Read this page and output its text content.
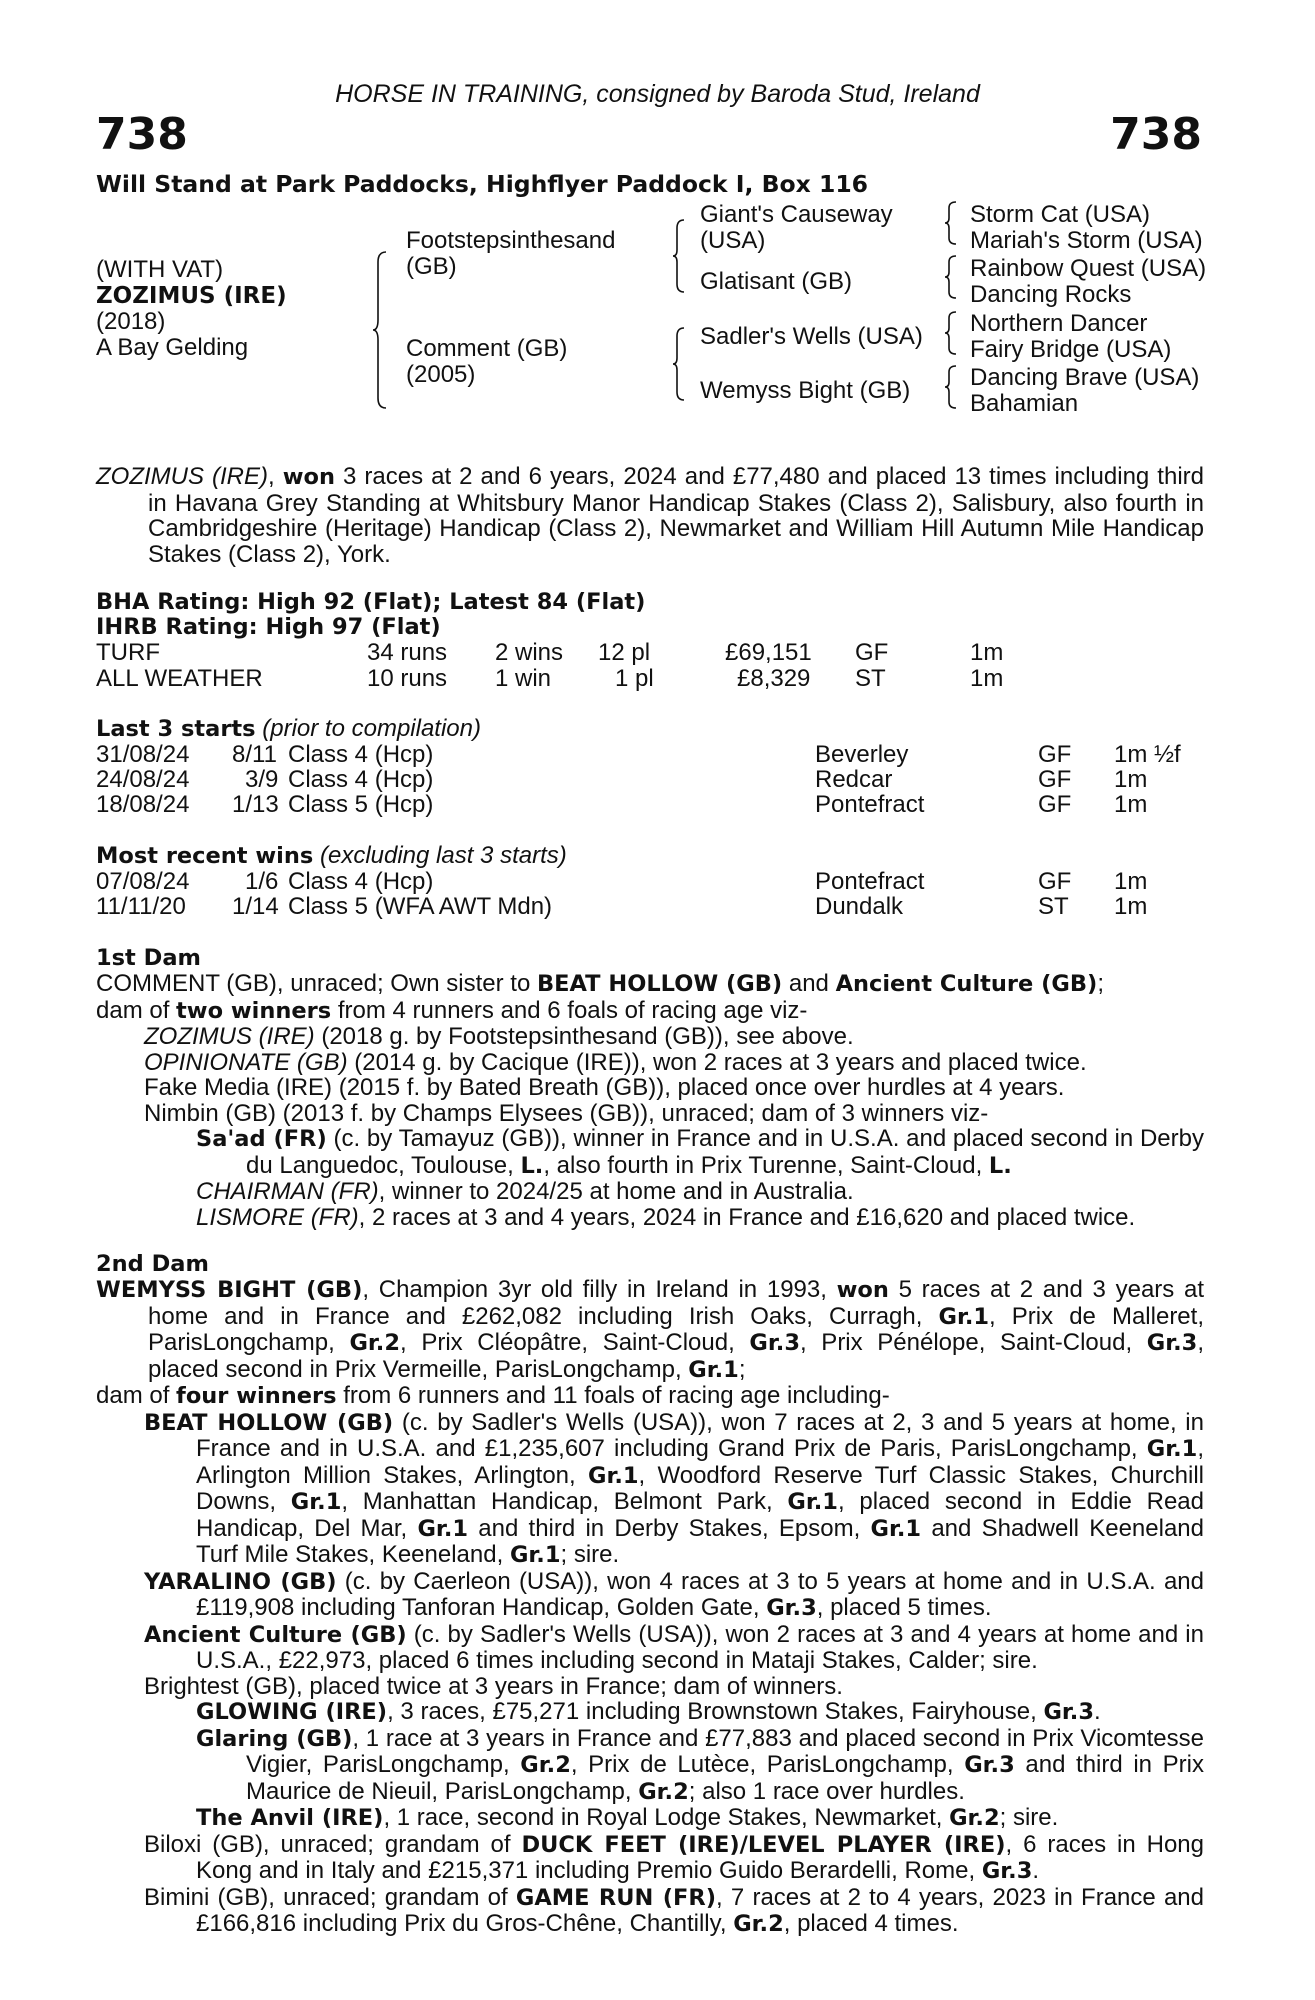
HORSE IN TRAINING, consigned by Baroda Stud, Ireland
738	738
Will Stand at Park Paddocks, Highflyer Paddock I, Box 116
(WITH VAT)
ZOZIMUS (IRE)
(2018)
A Bay Gelding
Footstepsinthesand
(GB)
Comment (GB)
(2005)
Giant's Causeway
(USA)
Glatisant (GB)
Sadler's Wells (USA)
Wemyss Bight (GB)
Storm Cat (USA)
Mariah's Storm (USA)
Rainbow Quest (USA)
Dancing Rocks
Northern Dancer
Fairy Bridge (USA)
Dancing Brave (USA)
Bahamian

ZOZIMUS (IRE), won 3 races at 2 and 6 years, 2024 and £77,480 and placed 13 times including third in Havana Grey Standing at Whitsbury Manor Handicap Stakes (Class 2), Salisbury, also fourth in Cambridgeshire (Heritage) Handicap (Class 2), Newmarket and William Hill Autumn Mile Handicap Stakes (Class 2), York.

BHA Rating: High 92 (Flat); Latest 84 (Flat)
IHRB Rating: High 97 (Flat)
TURF	34 runs 2 wins 12 pl	£69,151 GF	1m
ALL WEATHER	10 runs 1 win	1 pl	£8,329 ST	1m
Last 3 starts (prior to compilation)
31/08/24 8/11 Class 4 (Hcp)	Beverley	GF 1m ½f
24/08/24 3/9 Class 4 (Hcp)	Redcar	GF 1m
18/08/24 1/13 Class 5 (Hcp)	Pontefract	GF 1m
Most recent wins (excluding last 3 starts)
07/08/24 1/6 Class 4 (Hcp)	Pontefract	GF 1m
11/11/20 1/14 Class 5 (WFA AWT Mdn)	Dundalk	ST 1m
1st Dam

COMMENT (GB), unraced; Own sister to BEAT HOLLOW (GB) and Ancient Culture (GB);

dam of two winners from 4 runners and 6 foals of racing age viz-

ZOZIMUS (IRE) (2018 g. by Footstepsinthesand (GB)), see above.

OPINIONATE (GB) (2014 g. by Cacique (IRE)), won 2 races at 3 years and placed twice.

Fake Media (IRE) (2015 f. by Bated Breath (GB)), placed once over hurdles at 4 years.

Nimbin (GB) (2013 f. by Champs Elysees (GB)), unraced; dam of 3 winners viz-

Sa'ad (FR) (c. by Tamayuz (GB)), winner in France and in U.S.A. and placed second in Derby du Languedoc, Toulouse, L., also fourth in Prix Turenne, Saint-Cloud, L.

CHAIRMAN (FR), winner to 2024/25 at home and in Australia.

LISMORE (FR), 2 races at 3 and 4 years, 2024 in France and £16,620 and placed twice.

2nd Dam

WEMYSS BIGHT (GB), Champion 3yr old filly in Ireland in 1993, won 5 races at 2 and 3 years at home and in France and £262,082 including Irish Oaks, Curragh, Gr.1, Prix de Malleret, ParisLongchamp, Gr.2, Prix Cléopâtre, Saint-Cloud, Gr.3, Prix Pénélope, Saint-Cloud, Gr.3, placed second in Prix Vermeille, ParisLongchamp, Gr.1;

dam of four winners from 6 runners and 11 foals of racing age including-

BEAT HOLLOW (GB) (c. by Sadler's Wells (USA)), won 7 races at 2, 3 and 5 years at home, in France and in U.S.A. and £1,235,607 including Grand Prix de Paris, ParisLongchamp, Gr.1, Arlington Million Stakes, Arlington, Gr.1, Woodford Reserve Turf Classic Stakes, Churchill Downs, Gr.1, Manhattan Handicap, Belmont Park, Gr.1, placed second in Eddie Read Handicap, Del Mar, Gr.1 and third in Derby Stakes, Epsom, Gr.1 and Shadwell Keeneland Turf Mile Stakes, Keeneland, Gr.1; sire.

YARALINO (GB) (c. by Caerleon (USA)), won 4 races at 3 to 5 years at home and in U.S.A. and £119,908 including Tanforan Handicap, Golden Gate, Gr.3, placed 5 times.

Ancient Culture (GB) (c. by Sadler's Wells (USA)), won 2 races at 3 and 4 years at home and in U.S.A., £22,973, placed 6 times including second in Mataji Stakes, Calder; sire.

Brightest (GB), placed twice at 3 years in France; dam of winners.

GLOWING (IRE), 3 races, £75,271 including Brownstown Stakes, Fairyhouse, Gr.3.

Glaring (GB), 1 race at 3 years in France and £77,883 and placed second in Prix Vicomtesse Vigier, ParisLongchamp, Gr.2, Prix de Lutèce, ParisLongchamp, Gr.3 and third in Prix Maurice de Nieuil, ParisLongchamp, Gr.2; also 1 race over hurdles.

The Anvil (IRE), 1 race, second in Royal Lodge Stakes, Newmarket, Gr.2; sire.

Biloxi (GB), unraced; grandam of DUCK FEET (IRE)/LEVEL PLAYER (IRE), 6 races in Hong Kong and in Italy and £215,371 including Premio Guido Berardelli, Rome, Gr.3.

Bimini (GB), unraced; grandam of GAME RUN (FR), 7 races at 2 to 4 years, 2023 in France and £166,816 including Prix du Gros-Chêne, Chantilly, Gr.2, placed 4 times.
